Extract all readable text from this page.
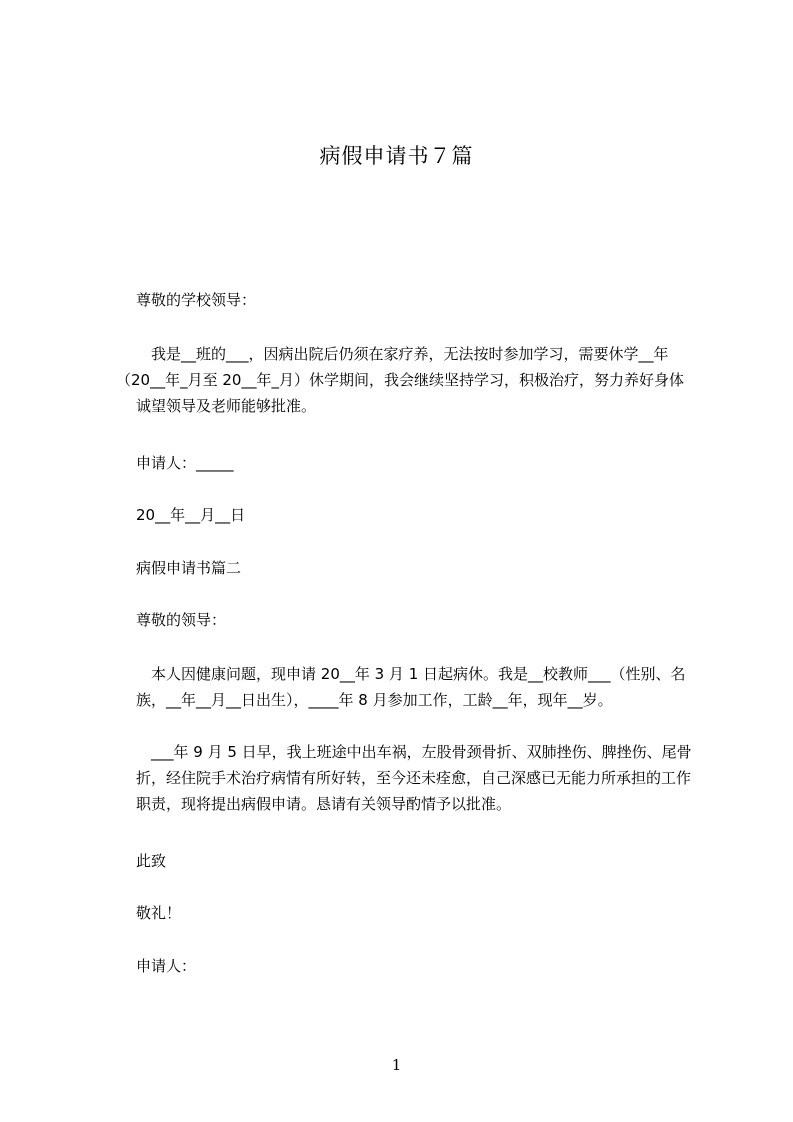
病假申请书７篇
尊敬的学校领导：
　我是__班的___，因病出院后仍须在家疗养，无法按时参加学习，需要休学__年
（20__年_月至 20__年_月）休学期间，我会继续坚持学习，积极治疗，努力养好身体
诚望领导及老师能够批准。
申请人：_____
20__年__月__日
病假申请书篇二
尊敬的领导：
　本人因健康问题，现申请 20__年 3 月 1 日起病休。我是__校教师___（性别、名
族，__年__月__日出生），____年 8 月参加工作，工龄__年，现年__岁。
　___年 9 月 5 日早，我上班途中出车祸，左股骨颈骨折、双肺挫伤、脾挫伤、尾骨
折，经住院手术治疗病情有所好转，至今还未痊愈，自己深感已无能力所承担的工作
职责，现将提出病假申请。恳请有关领导酌情予以批准。
此致
敬礼！
申请人：
1
